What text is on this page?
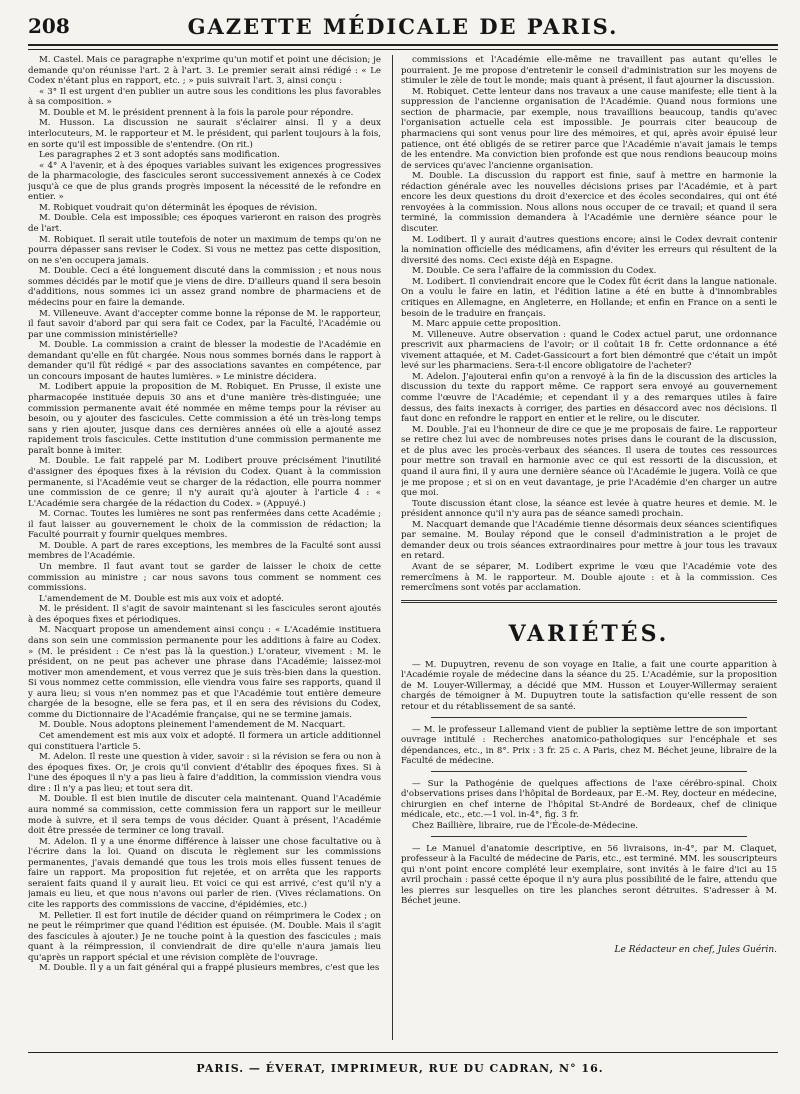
208	GAZETTE MÉDICALE DE PARIS.

M. Castel. Mais ce paragraphe n'exprime qu'un motif et point une décision; je demande qu'on réunisse l'art. 2 à l'art. 3. Le premier serait ainsi rédigé : « Le Codex n'étant plus en rapport, etc. ; » puis suivrait l'art. 3, ainsi conçu :

« 3° Il est urgent d'en publier un autre sous les conditions les plus favorables à sa composition. »

M. Double et M. le président prennent à la fois la parole pour répondre.

M. Husson. La discussion ne saurait s'éclairer ainsi. Il y a deux interlocuteurs, M. le rapporteur et M. le président, qui parlent toujours à la fois, en sorte qu'il est impossible de s'entendre. (On rit.)

Les paragraphes 2 et 3 sont adoptés sans modification.

« 4° A l'avenir, et à des époques variables suivant les exigences progressives de la pharmacologie, des fascicules seront successivement annexés à ce Codex jusqu'à ce que de plus grands progrès imposent la nécessité de le refondre en entier. »

M. Robiquet voudrait qu'on déterminât les époques de révision.

M. Double. Cela est impossible; ces époques varieront en raison des progrès de l'art.

M. Robiquet. Il serait utile toutefois de noter un maximum de temps qu'on ne pourra dépasser sans reviser le Codex. Si vous ne mettez pas cette disposition, on ne s'en occupera jamais.

M. Double. Ceci a été longuement discuté dans la commission ; et nous nous sommes décidés par le motif que je viens de dire. D'ailleurs quand il sera besoin d'additions, nous sommes ici un assez grand nombre de pharmaciens et de médecins pour en faire la demande.

M. Villeneuve. Avant d'accepter comme bonne la réponse de M. le rapporteur, il faut savoir d'abord par qui sera fait ce Codex, par la Faculté, l'Académie ou par une commission ministérielle?

M. Double. La commission a craint de blesser la modestie de l'Académie en demandant qu'elle en fût chargée. Nous nous sommes bornés dans le rapport à demander qu'il fût rédigé « par des associations savantes en compétence, par un concours imposant de hautes lumières. » Le ministre décidera.

M. Lodibert appuie la proposition de M. Robiquet. En Prusse, il existe une pharmacopée instituée depuis 30 ans et d'une manière très-distinguée; une commission permanente avait été nommée en même temps pour la réviser au besoin, ou y ajouter des fascicules. Cette commission a été un très-long temps sans y rien ajouter, jusque dans ces dernières années où elle a ajouté assez rapidement trois fascicules. Cette institution d'une commission permanente me paraît bonne à imiter.

M. Double. Le fait rappelé par M. Lodibert prouve précisément l'inutilité d'assigner des époques fixes à la révision du Codex. Quant à la commission permanente, si l'Académie veut se charger de la rédaction, elle pourra nommer une commission de ce genre; il n'y aurait qu'à ajouter à l'article 4 : « L'Académie sera chargée de la rédaction du Codex. » (Appuyé.)

M. Cornac. Toutes les lumières ne sont pas renfermées dans cette Académie ; il faut laisser au gouvernement le choix de la commission de rédaction; la Faculté pourrait y fournir quelques membres.

M. Double. A part de rares exceptions, les membres de la Faculté sont aussi membres de l'Académie.

Un membre. Il faut avant tout se garder de laisser le choix de cette commission au ministre ; car nous savons tous comment se nomment ces commissions.

L'amendement de M. Double est mis aux voix et adopté.

M. le président. Il s'agit de savoir maintenant si les fascicules seront ajoutés à des époques fixes et périodiques.

M. Nacquart propose un amendement ainsi conçu : « L'Académie instituera dans son sein une commission permanente pour les additions à faire au Codex. » (M. le président : Ce n'est pas là la question.) L'orateur, vivement : M. le président, on ne peut pas achever une phrase dans l'Académie; laissez-moi motiver mon amendement, et vous verrez que je suis très-bien dans la question. Si vous nommez cette commission, elle viendra vous faire ses rapports, quand il y aura lieu; si vous n'en nommez pas et que l'Académie tout entière demeure chargée de la besogne, elle se fera pas, et il en sera des révisions du Codex, comme du Dictionnaire de l'Académie française, qui ne se termine jamais.

M. Double. Nous adoptons pleinement l'amendement de M. Nacquart.

Cet amendement est mis aux voix et adopté. Il formera un article additionnel qui constituera l'article 5.

M. Adelon. Il reste une question à vider, savoir : si la révision se fera ou non à des époques fixes. Or, je crois qu'il convient d'établir des époques fixes. Si à l'une des époques il n'y a pas lieu à faire d'addition, la commission viendra vous dire : Il n'y a pas lieu; et tout sera dit.

M. Double. Il est bien inutile de discuter cela maintenant. Quand l'Académie aura nommé sa commission, cette commission fera un rapport sur le meilleur mode à suivre, et il sera temps de vous décider. Quant à présent, l'Académie doit être pressée de terminer ce long travail.

M. Adelon. Il y a une énorme différence à laisser une chose facultative ou à l'écrire dans la loi. Quand on discuta le règlement sur les commissions permanentes, j'avais demandé que tous les trois mois elles fussent tenues de faire un rapport. Ma proposition fut rejetée, et on arrêta que les rapports seraient faits quand il y aurait lieu. Et voici ce qui est arrivé, c'est qu'il n'y a jamais eu lieu, et que nous n'avons oui parler de rien. (Vives réclamations. On cite les rapports des commissions de vaccine, d'épidémies, etc.)

M. Pelletier. Il est fort inutile de décider quand on réimprimera le Codex ; on ne peut le réimprimer que quand l'édition est épuisée. (M. Double. Mais il s'agit des fascicules à ajouter.) Je ne touche point à la question des fascicules ; mais quant à la réimpression, il conviendrait de dire qu'elle n'aura jamais lieu qu'après un rapport spécial et une révision complète de l'ouvrage.

M. Double. Il y a un fait général qui a frappé plusieurs membres, c'est que les

commissions et l'Académie elle-même ne travaillent pas autant qu'elles le pourraient. Je me propose d'entretenir le conseil d'administration sur les moyens de stimuler le zèle de tout le monde; mais quant à présent, il faut ajourner la discussion.

M. Robiquet. Cette lenteur dans nos travaux a une cause manifeste; elle tient à la suppression de l'ancienne organisation de l'Académie. Quand nous formions une section de pharmacie, par exemple, nous travaillions beaucoup, tandis qu'avec l'organisation actuelle cela est impossible. Je pourrais citer beaucoup de pharmaciens qui sont venus pour lire des mémoires, et qui, après avoir épuisé leur patience, ont été obligés de se retirer parce que l'Académie n'avait jamais le temps de les entendre. Ma conviction bien profonde est que nous rendions beaucoup moins de services qu'avec l'ancienne organisation.

M. Double. La discussion du rapport est finie, sauf à mettre en harmonie la rédaction générale avec les nouvelles décisions prises par l'Académie, et à part encore les deux questions du droit d'exercice et des écoles secondaires, qui ont été renvoyées à la commission. Nous allons nous occuper de ce travail; et quand il sera terminé, la commission demandera à l'Académie une dernière séance pour le discuter.

M. Lodibert. Il y aurait d'autres questions encore; ainsi le Codex devrait contenir la nomination officielle des médicamens, afin d'éviter les erreurs qui résultent de la diversité des noms. Ceci existe déjà en Espagne.

M. Double. Ce sera l'affaire de la commission du Codex.

M. Lodibert. Il conviendrait encore que le Codex fût écrit dans la langue nationale. On a voulu le faire en latin, et l'édition latine a été en butte à d'innombrables critiques en Allemagne, en Angleterre, en Hollande; et enfin en France on a senti le besoin de le traduire en français.

M. Marc appuie cette proposition.

M. Villeneuve. Autre observation : quand le Codex actuel parut, une ordonnance prescrivit aux pharmaciens de l'avoir; or il coûtait 18 fr. Cette ordonnance a été vivement attaquée, et M. Cadet-Gassicourt a fort bien démontré que c'était un impôt levé sur les pharmaciens. Sera-t-il encore obligatoire de l'acheter?

M. Adelon. J'ajouterai enfin qu'on a renvoyé à la fin de la discussion des articles la discussion du texte du rapport même. Ce rapport sera envoyé au gouvernement comme l'œuvre de l'Académie; et cependant il y a des remarques utiles à faire dessus, des faits inexacts à corriger, des parties en désaccord avec nos décisions. Il faut donc en refondre le rapport en entier et le relire, ou le discuter.

M. Double. J'ai eu l'honneur de dire ce que je me proposais de faire. Le rapporteur se retire chez lui avec de nombreuses notes prises dans le courant de la discussion, et de plus avec les procès-verbaux des séances. Il usera de toutes ces ressources pour mettre son travail en harmonie avec ce qui est ressorti de la discussion, et quand il aura fini, il y aura une dernière séance où l'Académie le jugera. Voilà ce que je me propose ; et si on en veut davantage, je prie l'Académie d'en charger un autre que moi.

Toute discussion étant close, la séance est levée à quatre heures et demie. M. le président annonce qu'il n'y aura pas de séance samedi prochain.

M. Nacquart demande que l'Académie tienne désormais deux séances scientifiques par semaine. M. Boulay répond que le conseil d'administration a le projet de demander deux ou trois séances extraordinaires pour mettre à jour tous les travaux en retard.

Avant de se séparer, M. Lodibert exprime le vœu que l'Académie vote des remercîmens à M. le rapporteur. M. Double ajoute : et à la commission. Ces remercîmens sont votés par acclamation.

VARIÉTÉS.

— M. Dupuytren, revenu de son voyage en Italie, a fait une courte apparition à l'Académie royale de médecine dans la séance du 25. L'Académie, sur la proposition de M. Louyer-Willermay, a décidé que MM. Husson et Louyer-Willermay seraient chargés de témoigner à M. Dupuytren toute la satisfaction qu'elle ressent de son retour et du rétablissement de sa santé.

— M. le professeur Lallemand vient de publier la septième lettre de son important ouvrage intitulé : Recherches anatomico-pathologiques sur l'encéphale et ses dépendances, etc., in 8°. Prix : 3 fr. 25 c. A Paris, chez M. Béchet jeune, libraire de la Faculté de médecine.

— Sur la Pathogénie de quelques affections de l'axe cérébro-spinal. Choix d'observations prises dans l'hôpital de Bordeaux, par E.-M. Rey, docteur en médecine, chirurgien en chef interne de l'hôpital St-André de Bordeaux, chef de clinique médicale, etc., etc.—1 vol. in-4°, fig. 3 fr.

Chez Baillière, libraire, rue de l'École-de-Médecine.

— Le Manuel d'anatomie descriptive, en 56 livraisons, in-4°, par M. Claquet, professeur à la Faculté de médecine de Paris, etc., est terminé. MM. les souscripteurs qui n'ont point encore complété leur exemplaire, sont invités à le faire d'ici au 15 avril prochain : passé cette époque il n'y aura plus possibilité de le faire, attendu que les pierres sur lesquelles on tire les planches seront détruites. S'adresser à M. Béchet jeune.

Le Rédacteur en chef, Jules Guérin.

PARIS. — ÉVERAT, IMPRIMEUR, RUE DU CADRAN, N° 16.
